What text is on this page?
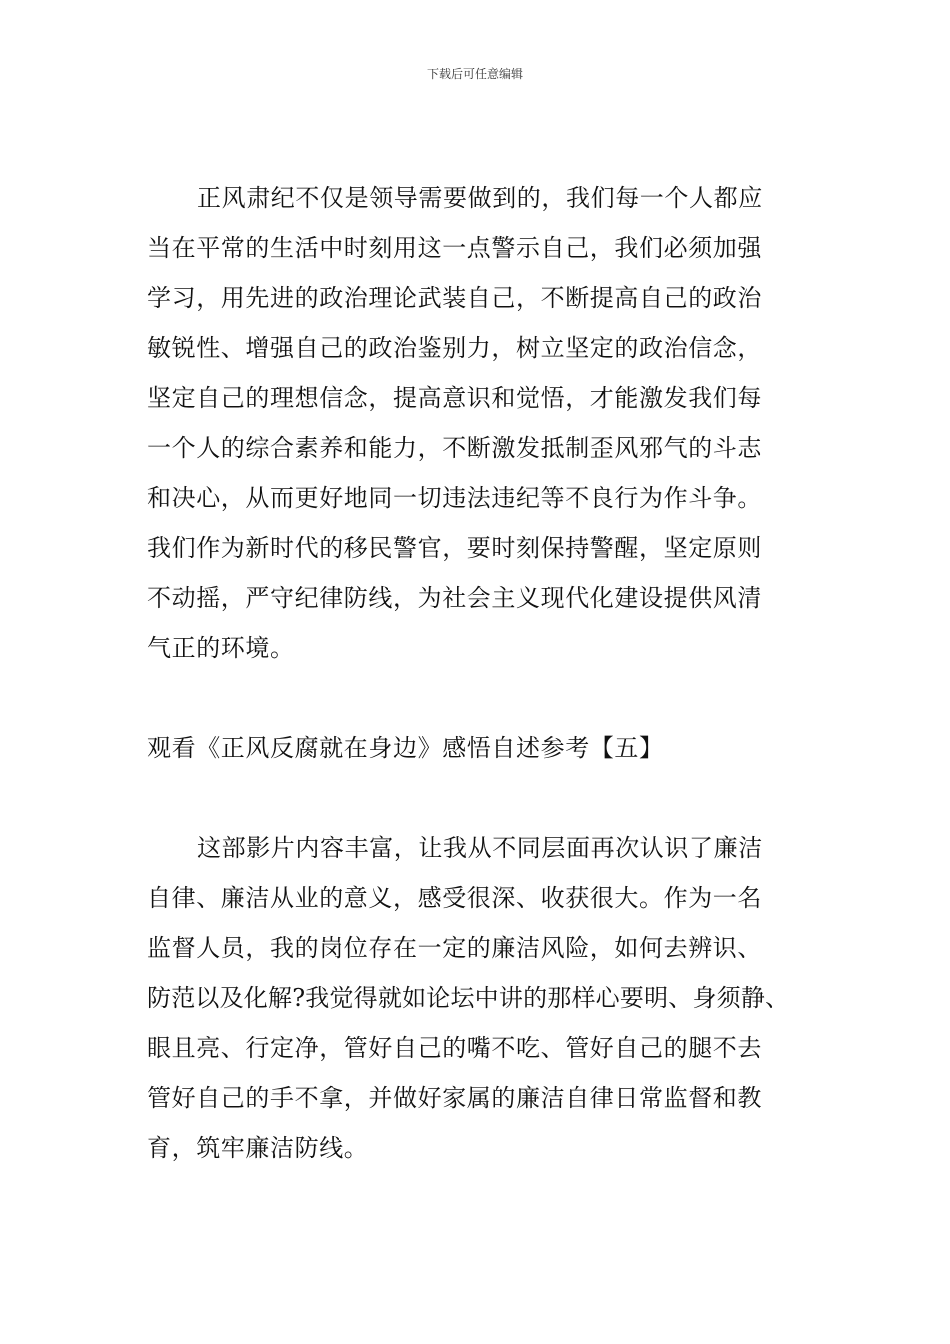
下载后可任意编辑
正风肃纪不仅是领导需要做到的，我们每一个人都应
当在平常的生活中时刻用这一点警示自己，我们必须加强
学习，用先进的政治理论武装自己，不断提高自己的政治
敏锐性、增强自己的政治鉴别力，树立坚定的政治信念，
坚定自己的理想信念，提高意识和觉悟，才能激发我们每
一个人的综合素养和能力，不断激发抵制歪风邪气的斗志
和决心，从而更好地同一切违法违纪等不良行为作斗争。
我们作为新时代的移民警官，要时刻保持警醒，坚定原则
不动摇，严守纪律防线，为社会主义现代化建设提供风清
气正的环境。
观看《正风反腐就在身边》感悟自述参考【五】
这部影片内容丰富，让我从不同层面再次认识了廉洁
自律、廉洁从业的意义，感受很深、收获很大。作为一名
监督人员，我的岗位存在一定的廉洁风险，如何去辨识、
防范以及化解?我觉得就如论坛中讲的那样心要明、身须静、
眼且亮、行定净，管好自己的嘴不吃、管好自己的腿不去
管好自己的手不拿，并做好家属的廉洁自律日常监督和教
育，筑牢廉洁防线。
